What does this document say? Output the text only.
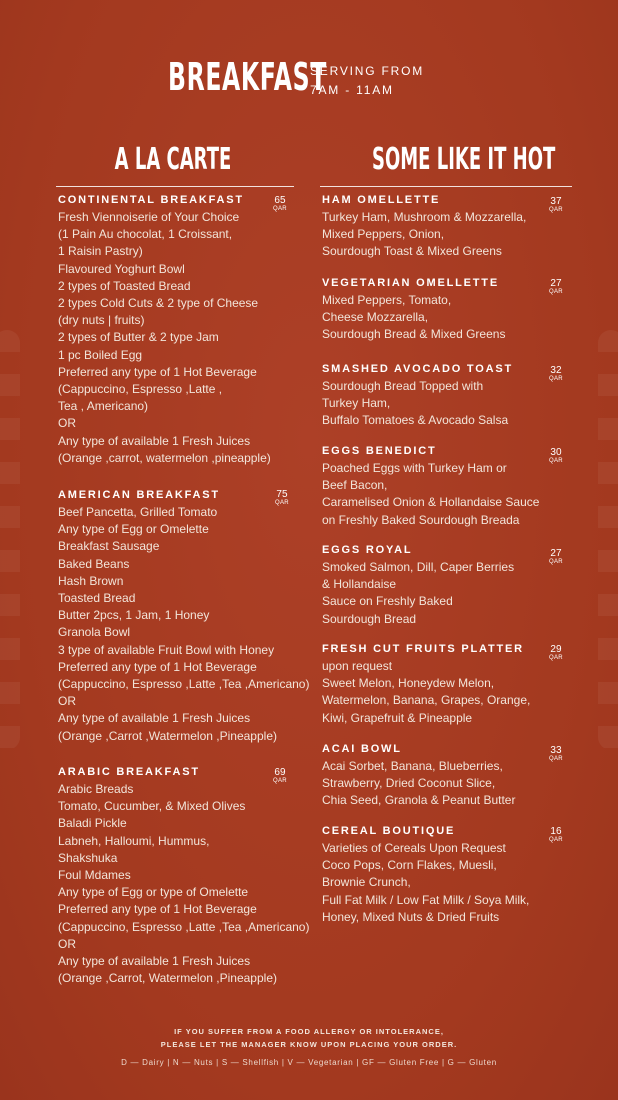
BREAKFAST
SERVING FROM
7AM - 11AM
A LA CARTE	SOME LIKE IT HOT
CONTINENTAL BREAKFAST
Fresh Viennoiserie of Your Choice
(1 Pain Au chocolat, 1 Croissant,
1 Raisin Pastry)
Flavoured Yoghurt Bowl
2 types of Toasted Bread
2 types Cold Cuts & 2 type of Cheese
(dry nuts | fruits)
2 types of Butter & 2 type Jam
1 pc Boiled Egg
Preferred any type of 1 Hot Beverage
(Cappuccino, Espresso ,Latte ,
Tea , Americano)
OR
Any type of available 1 Fresh Juices
(Orange ,carrot, watermelon ,pineapple)
65
QAR
AMERICAN BREAKFAST
Beef Pancetta, Grilled Tomato
Any type of Egg or Omelette
Breakfast Sausage
Baked Beans
Hash Brown
Toasted Bread
Butter 2pcs, 1 Jam, 1 Honey
Granola Bowl
3 type of available Fruit Bowl with Honey
Preferred any type of 1 Hot Beverage
(Cappuccino, Espresso ,Latte ,Tea ,Americano)
OR
Any type of available 1 Fresh Juices
(Orange ,Carrot ,Watermelon ,Pineapple)
75
QAR
ARABIC BREAKFAST
Arabic Breads
Tomato, Cucumber, & Mixed Olives
Baladi Pickle
Labneh, Halloumi, Hummus,
Shakshuka
Foul Mdames
Any type of Egg or type of Omelette
Preferred any type of 1 Hot Beverage
(Cappuccino, Espresso ,Latte ,Tea ,Americano)
OR
Any type of available 1 Fresh Juices
(Orange ,Carrot, Watermelon ,Pineapple)
69
QAR
HAM OMELLETTE
Turkey Ham, Mushroom & Mozzarella,
Mixed Peppers, Onion,
Sourdough Toast & Mixed Greens
37
QAR
VEGETARIAN OMELLETTE
Mixed Peppers, Tomato,
Cheese Mozzarella,
Sourdough Bread & Mixed Greens
27
QAR
SMASHED AVOCADO TOAST
Sourdough Bread Topped with
Turkey Ham,
Buffalo Tomatoes & Avocado Salsa
32
QAR
EGGS BENEDICT
Poached Eggs with Turkey Ham or
Beef Bacon,
Caramelised Onion & Hollandaise Sauce
on Freshly Baked Sourdough Breada
30
QAR
EGGS ROYAL
Smoked Salmon, Dill, Caper Berries
& Hollandaise
Sauce on Freshly Baked
Sourdough Bread
27
QAR
FRESH CUT FRUITS PLATTER
upon request
Sweet Melon, Honeydew Melon,
Watermelon, Banana, Grapes, Orange,
Kiwi, Grapefruit & Pineapple
29
QAR
ACAI BOWL
Acai Sorbet, Banana, Blueberries,
Strawberry, Dried Coconut Slice,
Chia Seed, Granola & Peanut Butter
33
QAR
CEREAL BOUTIQUE
Varieties of Cereals Upon Request
Coco Pops, Corn Flakes, Muesli,
Brownie Crunch,
Full Fat Milk / Low Fat Milk / Soya Milk,
Honey, Mixed Nuts & Dried Fruits
16
QAR
IF YOU SUFFER FROM A FOOD ALLERGY OR INTOLERANCE,
PLEASE LET THE MANAGER KNOW UPON PLACING YOUR ORDER.
D — Dairy | N — Nuts | S — Shellfish | V — Vegetarian | GF — Gluten Free | G — Gluten
